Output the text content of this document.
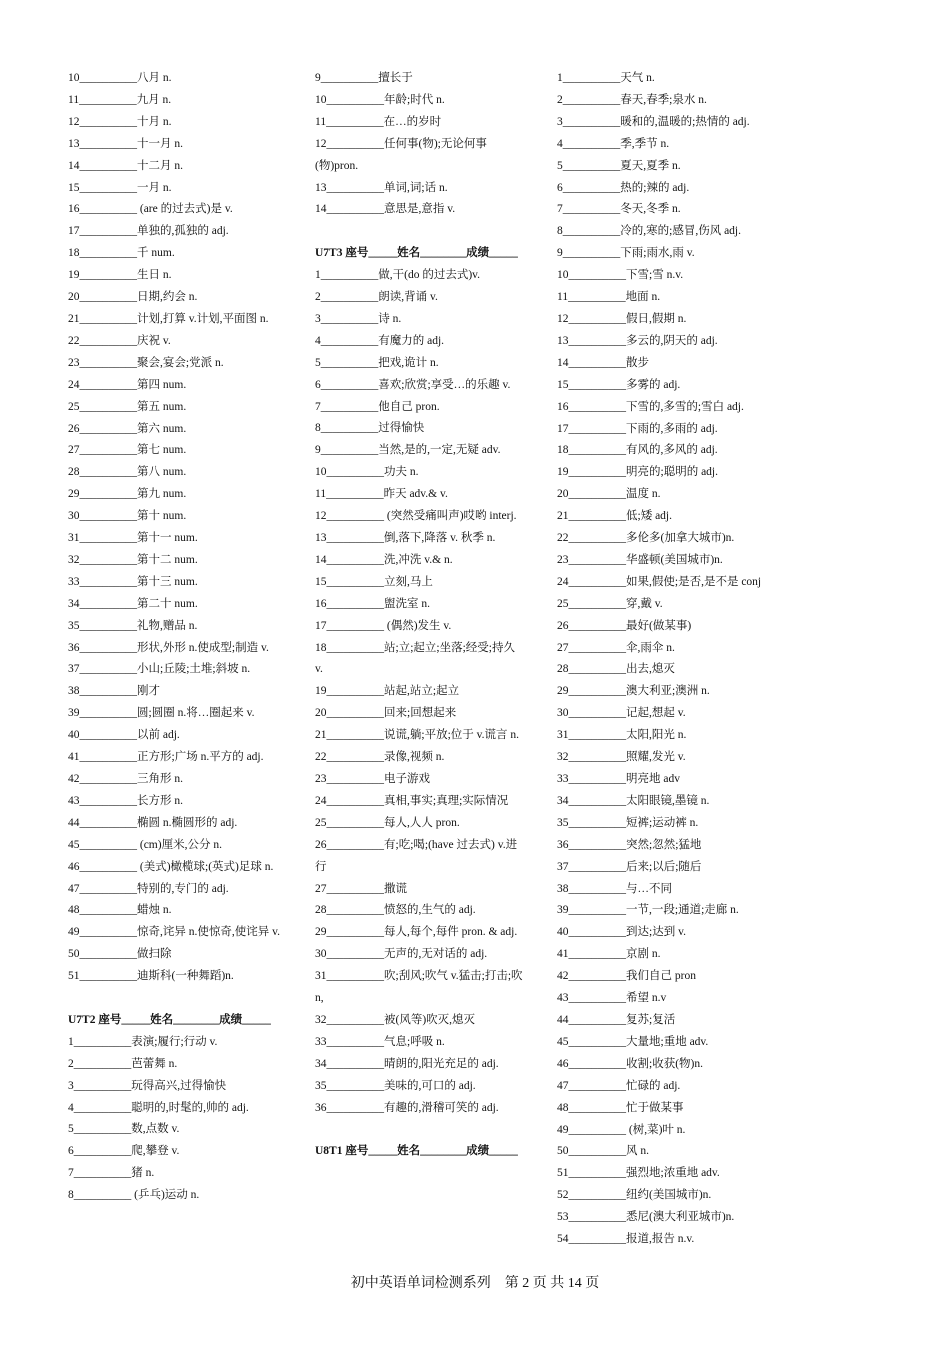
10__________八月 n.

11__________九月 n.

12__________十月 n.

13__________十一月 n.

14__________十二月 n.

15__________一月 n.

16__________ (are 的过去式)是 v.

17__________单独的,孤独的 adj.

18__________千 num.

19__________生日 n.

20__________日期,约会 n.

21__________计划,打算 v.计划,平面图 n.

22__________庆祝 v.

23__________聚会,宴会;党派 n.

24__________第四 num.

25__________第五 num.

26__________第六 num.

27__________第七 num.

28__________第八 num.

29__________第九 num.

30__________第十 num.

31__________第十一 num.

32__________第十二 num.

33__________第十三 num.

34__________第二十 num.

35__________礼物,赠品 n.

36__________形状,外形 n.使成型;制造 v.

37__________小山;丘陵;土堆;斜坡 n.

38__________刚才

39__________圆;圆圈 n.将…圈起来 v.

40__________以前 adj.

41__________正方形;广场 n.平方的 adj.

42__________三角形 n.

43__________长方形 n.

44__________椭圆 n.椭圆形的 adj.

45__________ (cm)厘米,公分 n.

46__________ (美式)橄榄球;(英式)足球 n.

47__________特别的,专门的 adj.

48__________蜡烛 n.

49__________惊奇,诧异 n.使惊奇,使诧异 v.

50__________做扫除

51__________迪斯科(一种舞蹈)n.

U7T2 座号_____姓名________成绩_____

1__________表演;履行;行动 v.

2__________芭蕾舞 n.

3__________玩得高兴,过得愉快

4__________聪明的,时髦的,帅的 adj.

5__________数,点数 v.

6__________爬,攀登 v.

7__________猪 n.

8__________ (乒乓)运动 n.

9__________擅长于

10__________年龄;时代 n.

11__________在…的岁时

12__________任何事(物);无论何事(物)pron.

13__________单词,词;话 n.

14__________意思是,意指 v.

U7T3 座号_____姓名________成绩_____

1__________做,干(do 的过去式)v.

2__________朗读,背诵 v.

3__________诗 n.

4__________有魔力的 adj.

5__________把戏,诡计 n.

6__________喜欢;欣赏;享受…的乐趣 v.

7__________他自己 pron.

8__________过得愉快

9__________当然,是的,一定,无疑 adv.

10__________功夫 n.

11__________昨天 adv.& v.

12__________ (突然受痛叫声)哎哟 interj.

13__________倒,落下,降落 v. 秋季 n.

14__________洗,冲洗 v.& n.

15__________立刻,马上

16__________盥洗室 n.

17__________ (偶然)发生 v.

18__________站;立;起立;坐落;经受;持久 v.

19__________站起,站立;起立

20__________回来;回想起来

21__________说谎,躺;平放;位于 v.谎言 n.

22__________录像,视频 n.

23__________电子游戏

24__________真相,事实;真理;实际情况

25__________每人,人人 pron.

26__________有;吃;喝;(have 过去式) v.进行

27__________撒谎

28__________愤怒的,生气的 adj.

29__________每人,每个,每件 pron. & adj.

30__________无声的,无对话的 adj.

31__________吹;刮风;吹气 v.猛击;打击;吹 n,

32__________被(风等)吹灭,熄灭

33__________气息;呼吸 n.

34__________晴朗的,阳光充足的 adj.

35__________美味的,可口的 adj.

36__________有趣的,滑稽可笑的 adj.

U8T1 座号_____姓名________成绩_____

1__________天气 n.

2__________春天,春季;泉水 n.

3__________暖和的,温暖的;热情的 adj.

4__________季,季节 n.

5__________夏天,夏季 n.

6__________热的;辣的 adj.

7__________冬天,冬季 n.

8__________冷的,寒的;感冒,伤风 adj.

9__________下雨;雨水,雨 v.

10__________下雪;雪 n.v.

11__________地面 n.

12__________假日,假期 n.

13__________多云的,阴天的 adj.

14__________散步

15__________多雾的 adj.

16__________下雪的,多雪的;雪白 adj.

17__________下雨的,多雨的 adj.

18__________有风的,多风的 adj.

19__________明亮的;聪明的 adj.

20__________温度 n.

21__________低;矮 adj.

22__________多伦多(加拿大城市)n.

23__________华盛顿(美国城市)n.

24__________如果,假使;是否,是不是 conj

25__________穿,戴 v.

26__________最好(做某事)

27__________伞,雨伞 n.

28__________出去,熄灭

29__________澳大利亚;澳洲 n.

30__________记起,想起 v.

31__________太阳,阳光 n.

32__________照耀,发光 v.

33__________明亮地 adv

34__________太阳眼镜,墨镜 n.

35__________短裤;运动裤 n.

36__________突然;忽然;猛地

37__________后来;以后;随后

38__________与…不同

39__________一节,一段;通道;走廊 n.

40__________到达;达到 v.

41__________京剧 n.

42__________我们自己 pron

43__________希望 n.v

44__________复苏;复活

45__________大量地;重地 adv.

46__________收割;收获(物)n.

47__________忙碌的 adj.

48__________忙于做某事

49__________ (树,菜)叶 n.

50__________风 n.

51__________强烈地;浓重地 adv.

52__________纽约(美国城市)n.

53__________悉尼(澳大利亚城市)n.

54__________报道,报告 n.v.

初中英语单词检测系列 第 2 页 共 14 页
